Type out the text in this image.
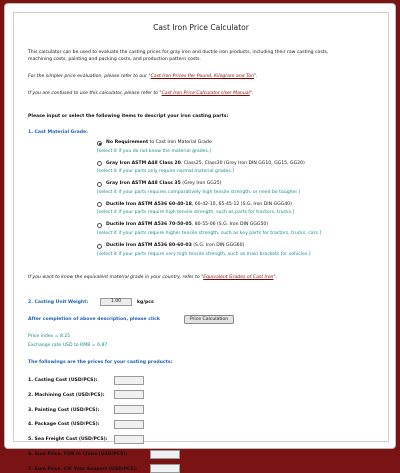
Cast Iron Price Calculator
This calculator can be used to evaluate the casting prices for gray iron and ductile iron products, including their raw casting costs,
machining costs, painting and packing costs, and production pattern costs.
For the simpler price evaluation, please refer to our "Cast Iron Prices Per Pound, Kilogram and Ton".
If you are confused to use this calculator, please refer to "Cast Iron Price Calculator User Manual".
Please input or select the following items to descript your iron casting parts:
1. Cast Material Grade:
No Requirement to Cast Iron Material Grade
[select it if you do not know the material grades.]
Gray Iron ASTM A48 Class 20, Class25, Class30 (Grey Iron DIN GG10, GG15, GG20)
[select it if your parts only require normal material grades.]
Gray Iron ASTM A48 Class 35 (Grey Iron GG25)
[select it if your parts requires comparatively high tensile strength, or need be tougher.]
Ductile Iron ASTM A536 60-40-18, 60-42-10, 65-45-12 (S.G. Iron DIN GGG40)
[select it if your parts require high tensile strength, such as parts for tractors, trucks.]
Ductile Iron ASTM A536 70-50-05, 80-55-06 (S.G. Iron DIN GGG50)
[select it if your parts require higher tensile strength, such as key parts for tractors, trucks, cars.]
Ductile Iron ASTM A536 80-60-03 (S.G. Iron DIN GGG60)
[select it if your parts require very high tensile strength, such as main brackets for vehicles.]
If you want to know the equivalent material grade in your country, refer to "Equivalent Grades of Cast Iron".
2. Casting Unit Weight:	1.00	kg/pcs
After completion of above description, please click	Price Calculation
Price index = 8.25
Exchange rate USD to RMB = 6.87
The followings are the prices for your casting products:
1. Casting Cost (USD/PCS):
2. Machining Cost (USD/PCS):
3. Painting Cost (USD/PCS):
4. Package Cost (USD/PCS):
5. Sea Freight Cost (USD/PCS):
6. Sum Price, FOB in China (USD/PCS):
7. Sum Price, CIF Your Seaport (USD/PCS):
